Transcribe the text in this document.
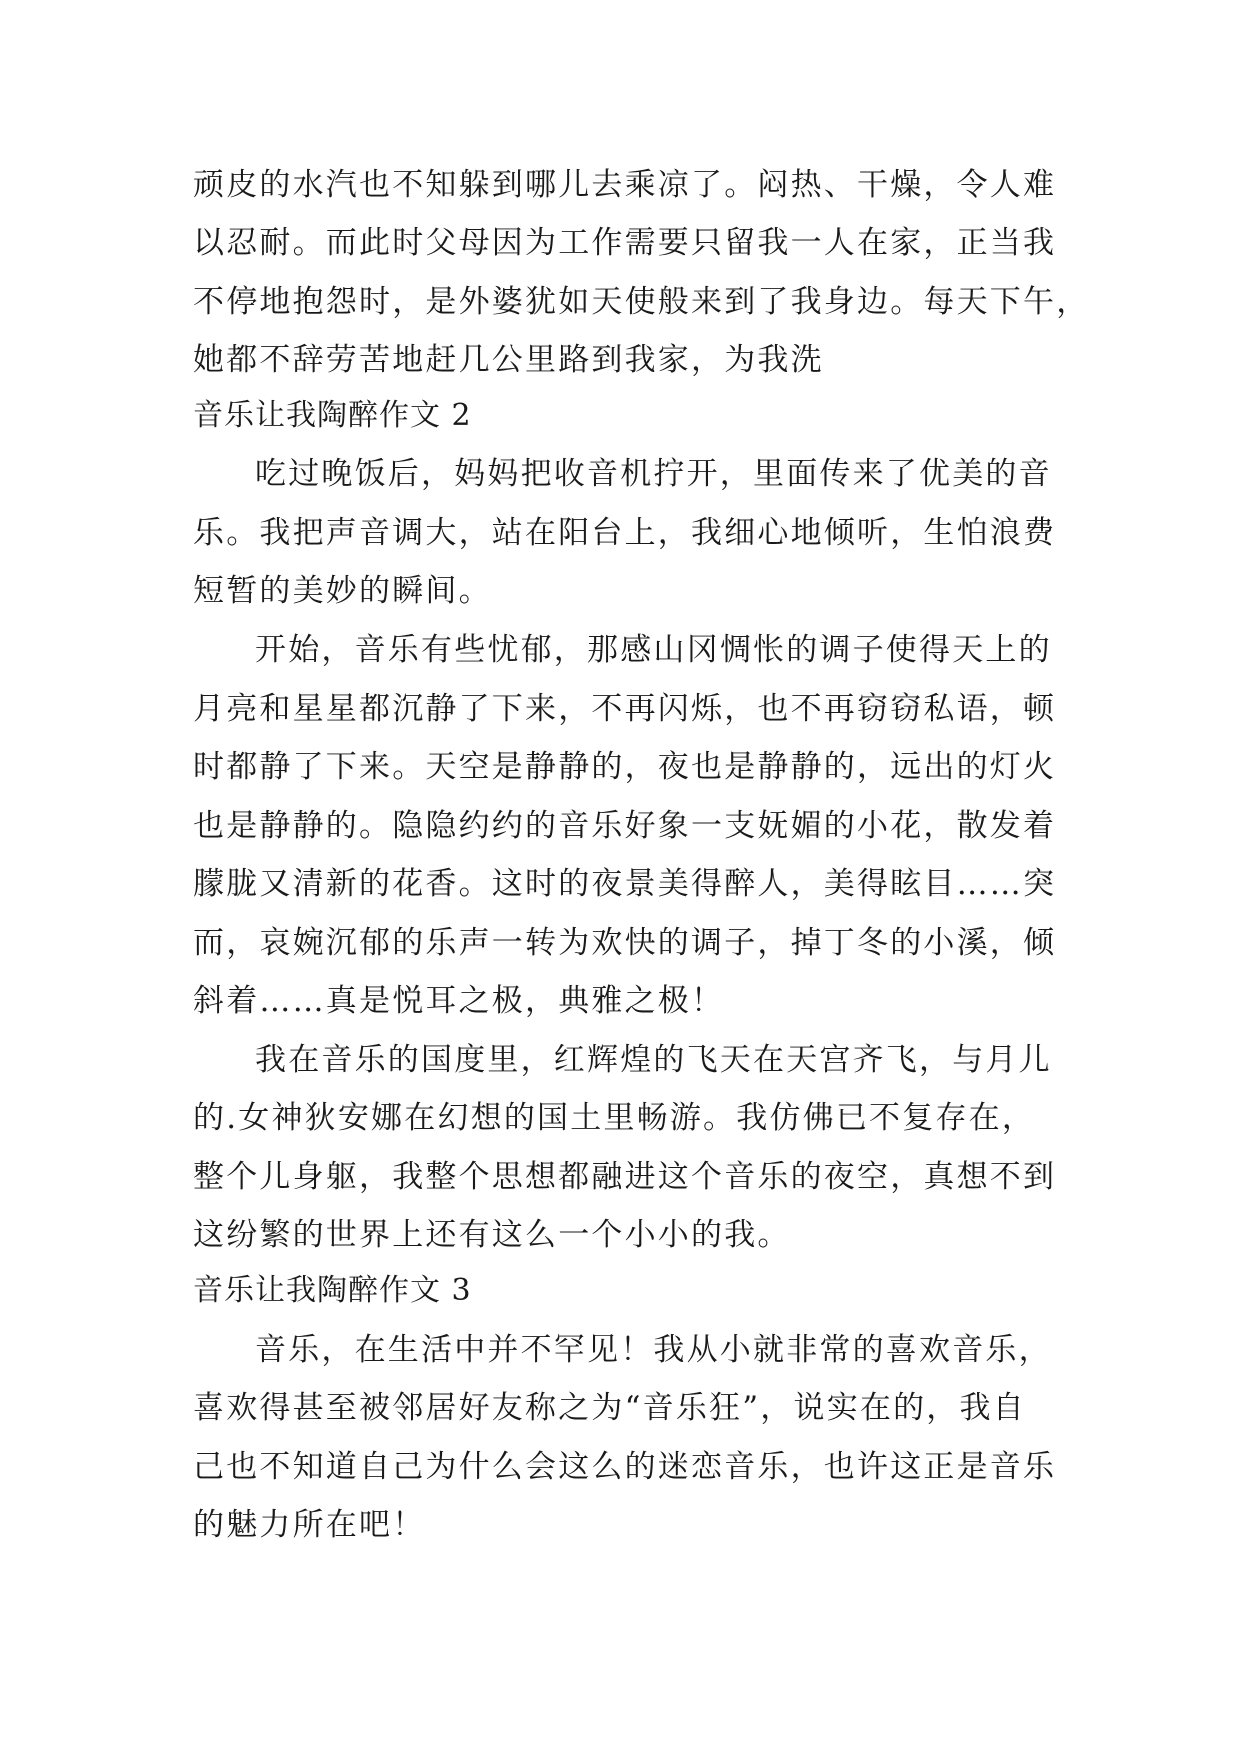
顽皮的水汽也不知躲到哪儿去乘凉了。闷热、干燥，令人难
以忍耐。而此时父母因为工作需要只留我一人在家，正当我
不停地抱怨时，是外婆犹如天使般来到了我身边。每天下午，
她都不辞劳苦地赶几公里路到我家，为我洗
音乐让我陶醉作文 2
吃过晚饭后，妈妈把收音机拧开，里面传来了优美的音
乐。我把声音调大，站在阳台上，我细心地倾听，生怕浪费
短暂的美妙的瞬间。
开始，音乐有些忧郁，那感山冈惆怅的调子使得天上的
月亮和星星都沉静了下来，不再闪烁，也不再窃窃私语，顿
时都静了下来。天空是静静的，夜也是静静的，远出的灯火
也是静静的。隐隐约约的音乐好象一支妩媚的小花，散发着
朦胧又清新的花香。这时的夜景美得醉人，美得眩目……突
而，哀婉沉郁的乐声一转为欢快的调子，掉丁冬的小溪，倾
斜着……真是悦耳之极，典雅之极！
我在音乐的国度里，红辉煌的飞天在天宫齐飞，与月儿
的.女神狄安娜在幻想的国土里畅游。我仿佛已不复存在，
整个儿身躯，我整个思想都融进这个音乐的夜空，真想不到
这纷繁的世界上还有这么一个小小的我。
音乐让我陶醉作文 3
音乐，在生活中并不罕见！我从小就非常的喜欢音乐，
喜欢得甚至被邻居好友称之为“音乐狂”，说实在的，我自
己也不知道自己为什么会这么的迷恋音乐，也许这正是音乐
的魅力所在吧！
